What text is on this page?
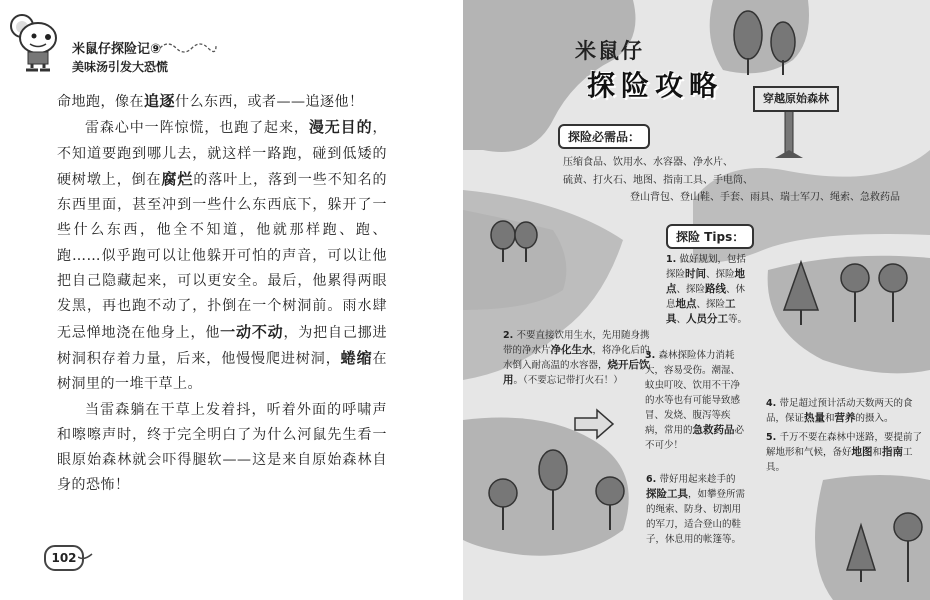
米鼠仔探险记⑨
美味汤引发大恐慌

命地跑，像在追逐什么东西，或者——追逐他！

雷森心中一阵惊慌，也跑了起来，漫无目的，不知道要跑到哪儿去，就这样一路跑，碰到低矮的硬树墩上，倒在腐烂的落叶上，落到一些不知名的东西里面，甚至冲到一些什么东西底下，躲开了一些什么东西，他全不知道，他就那样跑、跑、跑……似乎跑可以让他躲开可怕的声音，可以让他把自己隐藏起来，可以更安全。最后，他累得两眼发黑，再也跑不动了，扑倒在一个树洞前。雨水肆无忌惮地浇在他身上，他一动不动，为把自己挪进树洞积存着力量，后来，他慢慢爬进树洞，蜷缩在树洞里的一堆干草上。

当雷森躺在干草上发着抖，听着外面的呼啸声和嚓嚓声时，终于完全明白了为什么河鼠先生看一眼原始森林就会吓得腿软——这是来自原始森林自身的恐怖！

102
米鼠仔
探险攻略	穿越原始森林
探险必需品：
压缩食品、饮用水、水容器、净水片、
硫黄、打火石、地图、指南工具、手电筒、
登山背包、登山鞋、手套、雨具、瑞士军刀、绳索、急救药品
探险 Tips：
1. 做好规划，包括探险时间、探险地点、探险路线、休息地点、探险工具、人员分工等。
2. 不要直接饮用生水，先用随身携带的净水片净化生水，将净化后的水倒入耐高温的水容器，烧开后饮用。（不要忘记带打火石！）
3. 森林探险体力消耗大，容易受伤。潮湿、蚊虫叮咬、饮用不干净的水等也有可能导致感冒、发烧、腹泻等疾病，常用的急救药品必不可少！
4. 带足超过预计活动天数两天的食品，保证热量和营养的摄入。
5. 千万不要在森林中迷路，要提前了解地形和气候，备好地图和指南工具。
6. 带好用起来趁手的探险工具，如攀登所需的绳索、防身、切割用的军刀，适合登山的鞋子，休息用的帐篷等。
